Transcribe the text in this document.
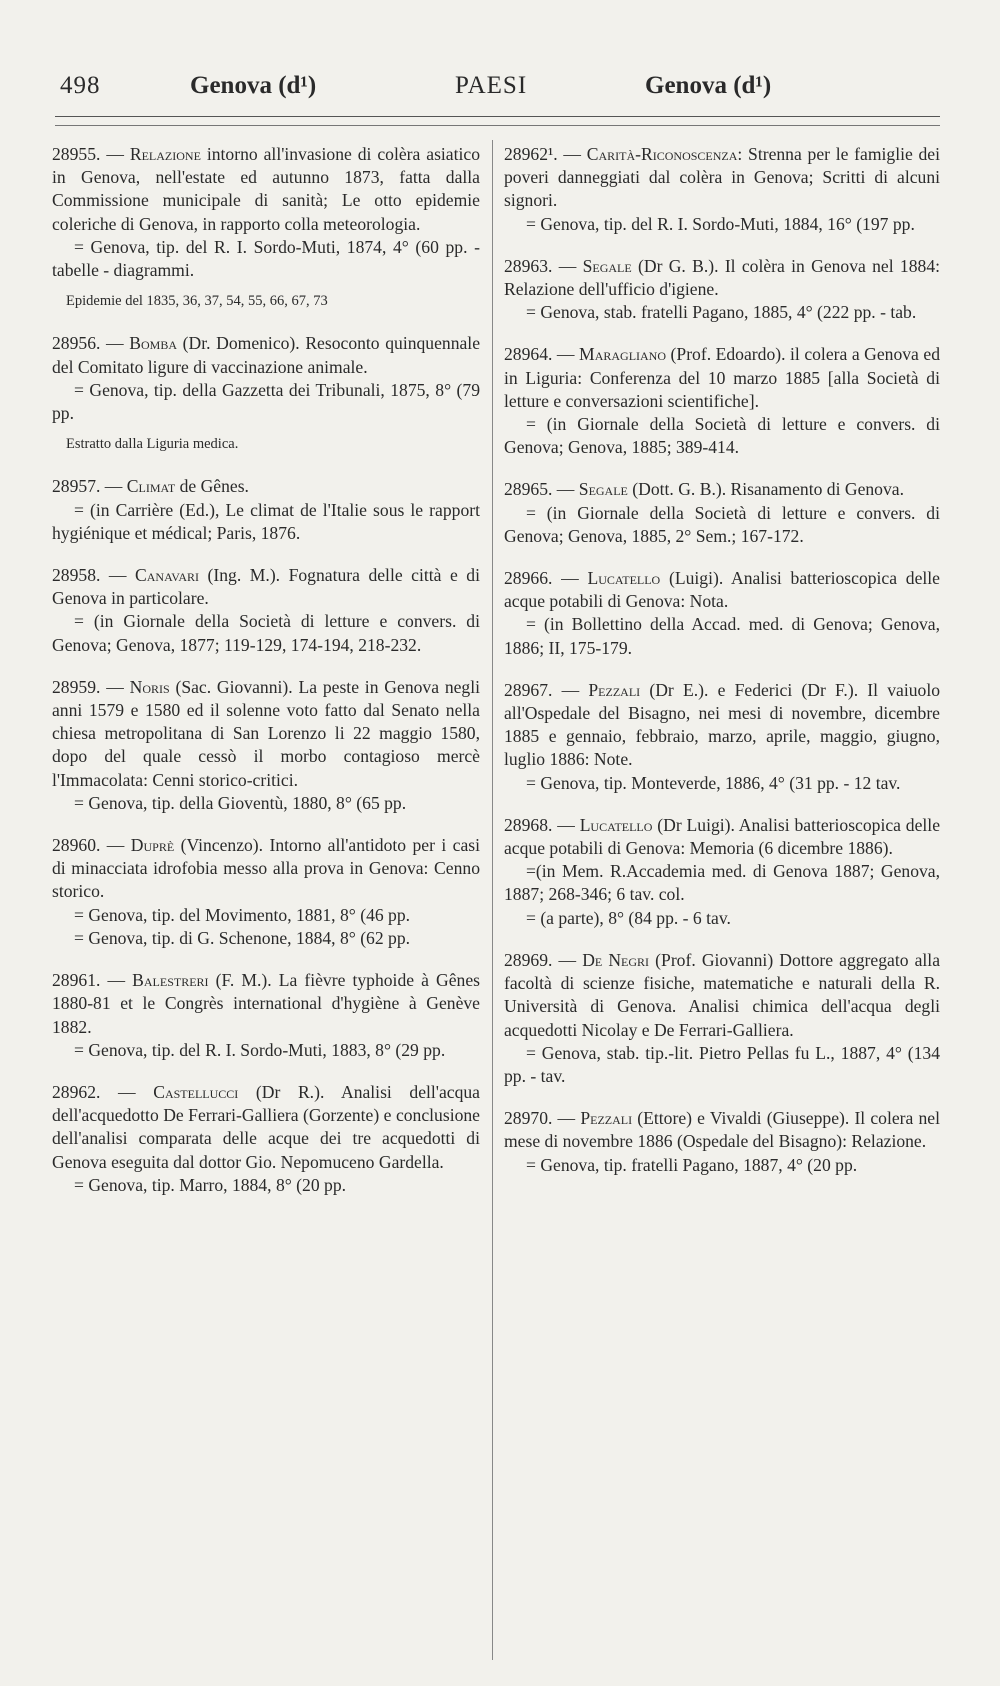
498	Genova (d¹)	PAESI	Genova (d¹)

28955. — Relazione intorno all'invasione di colèra asiatico in Genova, nell'estate ed autunno 1873, fatta dalla Commissione municipale di sanità; Le otto epidemie coleriche di Genova, in rapporto colla meteorologia.

= Genova, tip. del R. I. Sordo-Muti, 1874, 4° (60 pp. - tabelle - diagrammi.

Epidemie del 1835, 36, 37, 54, 55, 66, 67, 73

28956. — Bomba (Dr. Domenico). Resoconto quinquennale del Comitato ligure di vaccinazione animale.

= Genova, tip. della Gazzetta dei Tribunali, 1875, 8° (79 pp.

Estratto dalla Liguria medica.

28957. — Climat de Gênes.

= (in Carrière (Ed.), Le climat de l'Italie sous le rapport hygiénique et médical; Paris, 1876.

28958. — Canavari (Ing. M.). Fognatura delle città e di Genova in particolare.

= (in Giornale della Società di letture e convers. di Genova; Genova, 1877; 119-129, 174-194, 218-232.

28959. — Noris (Sac. Giovanni). La peste in Genova negli anni 1579 e 1580 ed il solenne voto fatto dal Senato nella chiesa metropolitana di San Lorenzo li 22 maggio 1580, dopo del quale cessò il morbo contagioso mercè l'Immacolata: Cenni storico-critici.

= Genova, tip. della Gioventù, 1880, 8° (65 pp.

28960. — Duprè (Vincenzo). Intorno all'antidoto per i casi di minacciata idrofobia messo alla prova in Genova: Cenno storico.

= Genova, tip. del Movimento, 1881, 8° (46 pp.

= Genova, tip. di G. Schenone, 1884, 8° (62 pp.

28961. — Balestreri (F. M.). La fièvre typhoide à Gênes 1880-81 et le Congrès international d'hygiène à Genève 1882.

= Genova, tip. del R. I. Sordo-Muti, 1883, 8° (29 pp.

28962. — Castellucci (Dr R.). Analisi dell'acqua dell'acquedotto De Ferrari-Galliera (Gorzente) e conclusione dell'analisi comparata delle acque dei tre acquedotti di Genova eseguita dal dottor Gio. Nepomuceno Gardella.

= Genova, tip. Marro, 1884, 8° (20 pp.

28962¹. — Carità-Riconoscenza: Strenna per le famiglie dei poveri danneggiati dal colèra in Genova; Scritti di alcuni signori.

= Genova, tip. del R. I. Sordo-Muti, 1884, 16° (197 pp.

28963. — Segale (Dr G. B.). Il colèra in Genova nel 1884: Relazione dell'ufficio d'igiene.

= Genova, stab. fratelli Pagano, 1885, 4° (222 pp. - tab.

28964. — Maragliano (Prof. Edoardo). il colera a Genova ed in Liguria: Conferenza del 10 marzo 1885 [alla Società di letture e conversazioni scientifiche].

= (in Giornale della Società di letture e convers. di Genova; Genova, 1885; 389-414.

28965. — Segale (Dott. G. B.). Risanamento di Genova.

= (in Giornale della Società di letture e convers. di Genova; Genova, 1885, 2° Sem.; 167-172.

28966. — Lucatello (Luigi). Analisi batterioscopica delle acque potabili di Genova: Nota.

= (in Bollettino della Accad. med. di Genova; Genova, 1886; II, 175-179.

28967. — Pezzali (Dr E.). e Federici (Dr F.). Il vaiuolo all'Ospedale del Bisagno, nei mesi di novembre, dicembre 1885 e gennaio, febbraio, marzo, aprile, maggio, giugno, luglio 1886: Note.

= Genova, tip. Monteverde, 1886, 4° (31 pp. - 12 tav.

28968. — Lucatello (Dr Luigi). Analisi batterioscopica delle acque potabili di Genova: Memoria (6 dicembre 1886).

=(in Mem. R.Accademia med. di Genova 1887; Genova, 1887; 268-346; 6 tav. col.

= (a parte), 8° (84 pp. - 6 tav.

28969. — De Negri (Prof. Giovanni) Dottore aggregato alla facoltà di scienze fisiche, matematiche e naturali della R. Università di Genova. Analisi chimica dell'acqua degli acquedotti Nicolay e De Ferrari-Galliera.

= Genova, stab. tip.-lit. Pietro Pellas fu L., 1887, 4° (134 pp. - tav.

28970. — Pezzali (Ettore) e Vivaldi (Giuseppe). Il colera nel mese di novembre 1886 (Ospedale del Bisagno): Relazione.

= Genova, tip. fratelli Pagano, 1887, 4° (20 pp.
